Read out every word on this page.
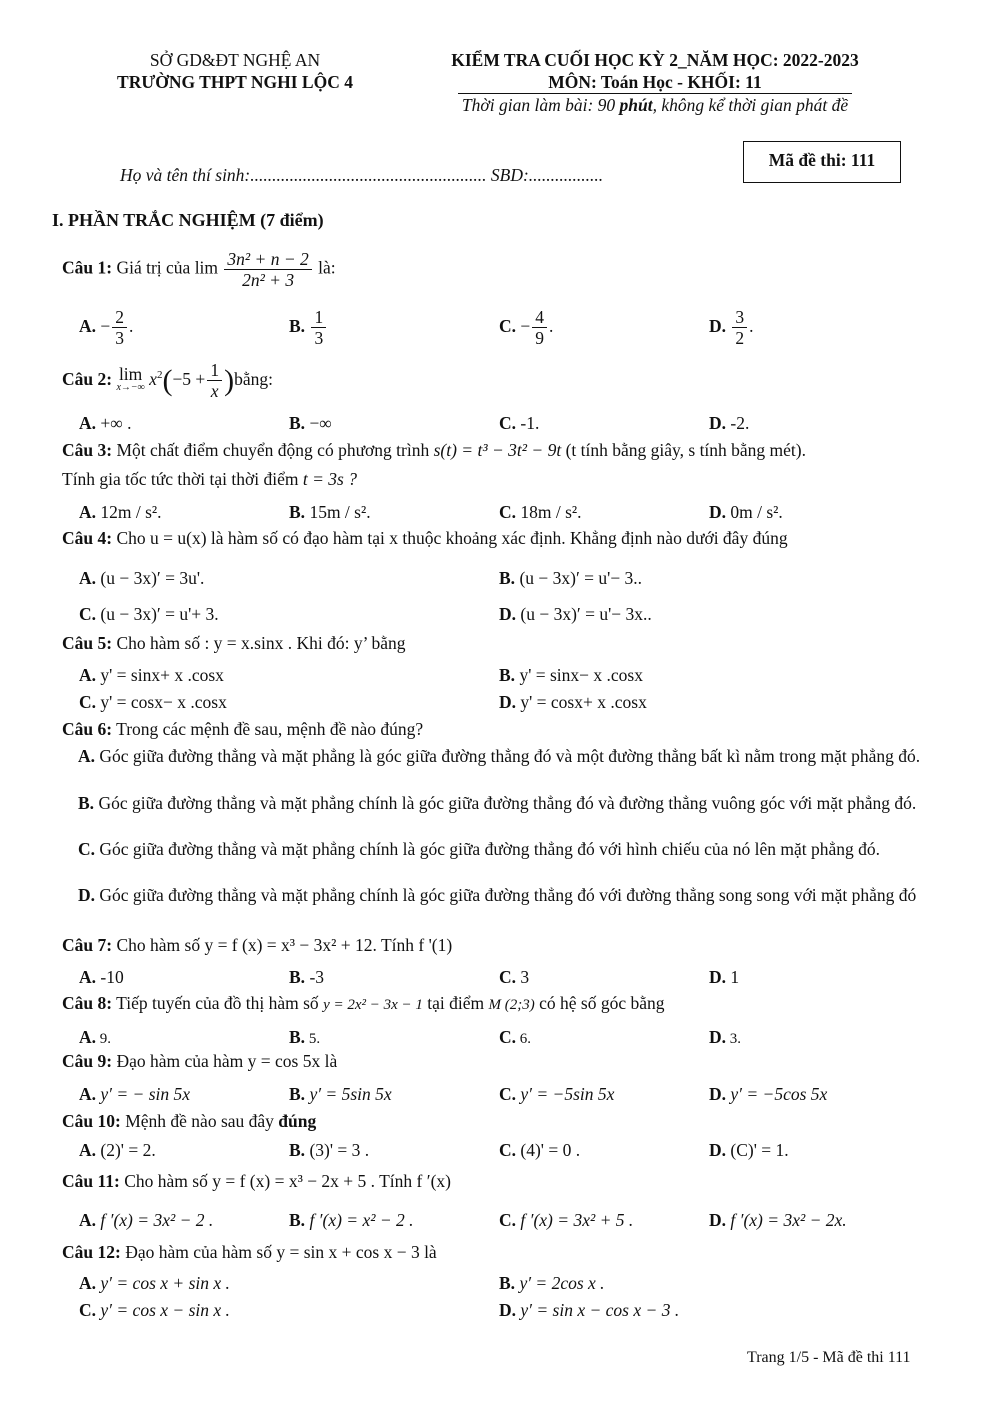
SỞ GD&ĐT NGHỆ AN
TRƯỜNG THPT NGHI LỘC 4
KIỂM TRA CUỐI HỌC KỲ 2_NĂM HỌC: 2022-2023
MÔN: Toán Học - KHỐI: 11
Thời gian làm bài: 90 phút, không kể thời gian phát đề
Họ và tên thí sinh:...................................................... SBD:.................
Mã đề thi: 111
I. PHẦN TRẮC NGHIỆM (7 điểm)
Câu 1: Giá trị của $\lim \frac{\text{3n² + n − 2}}{\text{2n² + 3}}$ là:
A. − $\frac{2}{3}$ .	B. $\frac{1}{3}$	C. − $\frac{4}{9}$ .	D. $\frac{3}{2}$ .
Câu 2: lim
x→−∞ $x^2(-5 + \frac{1}{x}$ )bằng:
A. +∞ .	B. −∞	C. -1.	D. -2.
Câu 3: Một chất điểm chuyển động có phương trình s(t) = t³ − 3t² − 9t (t tính bằng giây, s tính bằng mét).
Tính gia tốc tức thời tại thời điểm t = 3s ?
A. 12m / s².	B. 15m / s².	C. 18m / s².	D. 0m / s².
Câu 4: Cho u = u(x) là hàm số có đạo hàm tại x thuộc khoảng xác định. Khẳng định nào dưới đây đúng
A. (u − 3x)′ = 3u'.	B. (u − 3x)′ = u'− 3..
C. (u − 3x)′ = u'+ 3.	D. (u − 3x)′ = u'− 3x..
Câu 5: Cho hàm số : y = x.sinx . Khi đó: y’ bằng
A. y' = sinx+ x .cosx	B. y' = sinx− x .cosx
C. y' = cosx− x .cosx	D. y' = cosx+ x .cosx
Câu 6: Trong các mệnh đề sau, mệnh đề nào đúng?
A. Góc giữa đường thẳng và mặt phẳng là góc giữa đường thẳng đó và một đường thẳng bất kì nằm trong mặt phẳng đó.
B. Góc giữa đường thẳng và mặt phẳng chính là góc giữa đường thẳng đó và đường thẳng vuông góc với mặt phẳng đó.
C. Góc giữa đường thẳng và mặt phẳng chính là góc giữa đường thẳng đó với hình chiếu của nó lên mặt phẳng đó.
D. Góc giữa đường thẳng và mặt phẳng chính là góc giữa đường thẳng đó với đường thẳng song song với mặt phẳng đó
Câu 7: Cho hàm số y = f (x) = x³ − 3x² + 12. Tính f '(1)
A. -10	B. -3	C. 3	D. 1
Câu 8: Tiếp tuyến của đồ thị hàm số y = 2x² − 3x − 1 tại điểm M (2;3) có hệ số góc bằng
A. 9.	B. 5.	C. 6.	D. 3.
Câu 9: Đạo hàm của hàm y = cos 5x là
A. y′ = − sin 5x	B. y′ = 5sin 5x	C. y′ = −5sin 5x	D. y′ = −5cos 5x
Câu 10: Mệnh đề nào sau đây đúng
A. (2)' = 2.	B. (3)' = 3 .	C. (4)' = 0 .	D. (C)' = 1.
Câu 11: Cho hàm số y = f (x) = x³ − 2x + 5 . Tính f ′(x)
A. f ′(x) = 3x² − 2 .	B. f ′(x) = x² − 2 .	C. f ′(x) = 3x² + 5 .	D. f ′(x) = 3x² − 2x.
Câu 12: Đạo hàm của hàm số y = sin x + cos x − 3 là
A. y′ = cos x + sin x .	B. y′ = 2cos x .
C. y′ = cos x − sin x .	D. y′ = sin x − cos x − 3 .
Trang 1/5 - Mã đề thi 111
